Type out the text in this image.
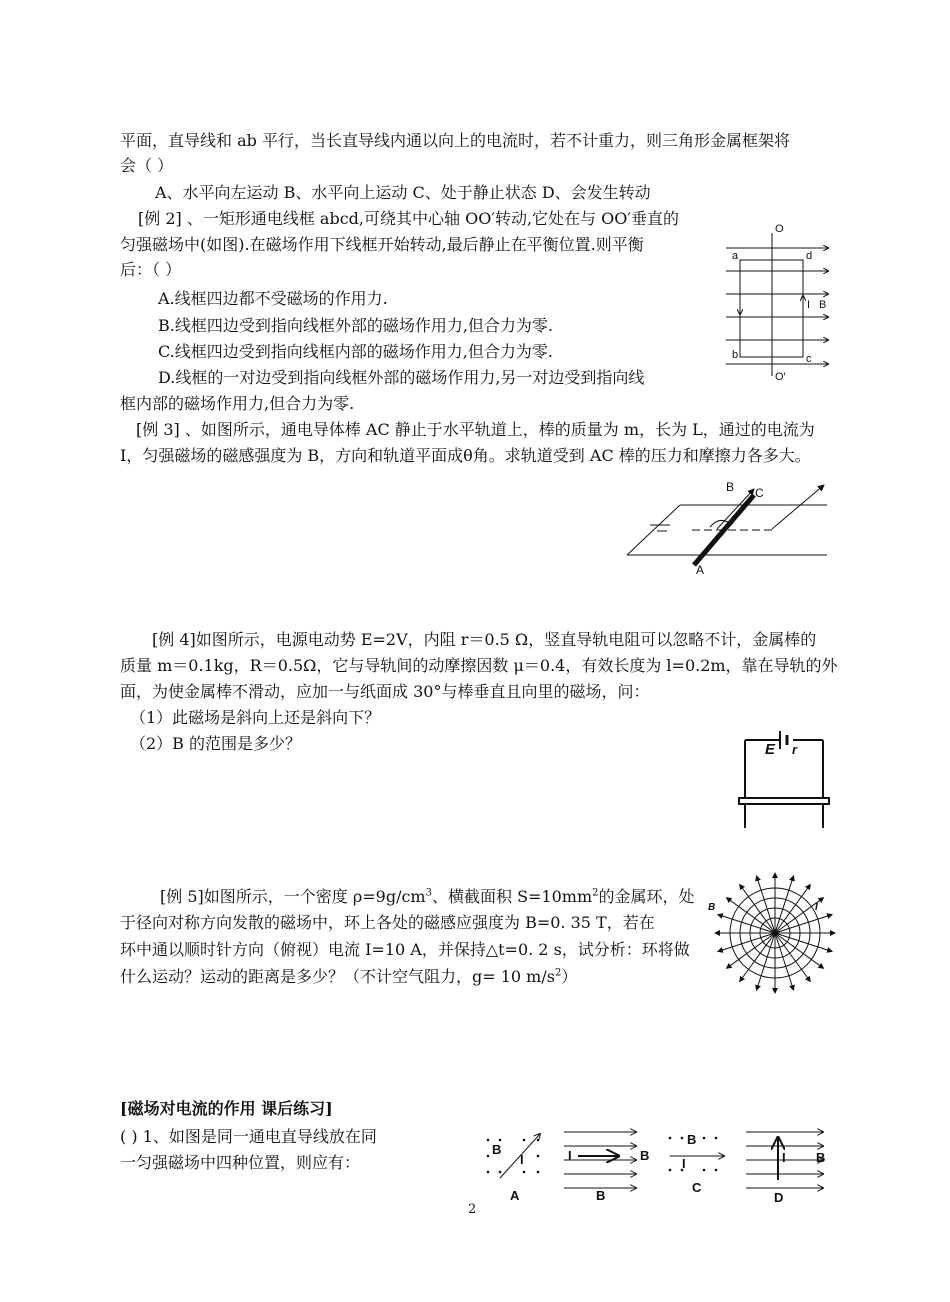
平面，直导线和 ab 平行，当长直导线内通以向上的电流时，若不计重力，则三角形金属框架将
会（ ）
A、水平向左运动 B、水平向上运动 C、处于静止状态 D、会发生转动
[例 2] 、一矩形通电线框 abcd,可绕其中心轴 OO′转动,它处在与 OO′垂直的
匀强磁场中(如图).在磁场作用下线框开始转动,最后静止在平衡位置.则平衡
后：（ ）
A.线框四边都不受磁场的作用力.
B.线框四边受到指向线框外部的磁场作用力,但合力为零.
C.线框四边受到指向线框内部的磁场作用力,但合力为零.
D.线框的一对边受到指向线框外部的磁场作用力,另一对边受到指向线
框内部的磁场作用力,但合力为零.
O
O′
a	d
b	c
I B
[例 3] 、如图所示，通电导体棒 AC 静止于水平轨道上，棒的质量为 m，长为 L，通过的电流为
I，匀强磁场的磁感强度为 B，方向和轨道平面成θ角。求轨道受到 AC 棒的压力和摩擦力各多大。
B C
A
[例 4]如图所示，电源电动势 E=2V，内阻 r＝0.5 Ω，竖直导轨电阻可以忽略不计，金属棒的
质量 m＝0.1kg，R＝0.5Ω，它与导轨间的动摩擦因数 μ＝0.4，有效长度为 l=0.2m，靠在导轨的外
面，为使金属棒不滑动，应加一与纸面成 30°与棒垂直且向里的磁场，问：
（1）此磁场是斜向上还是斜向下？
（2）B 的范围是多少？	E r
[例 5]如图所示，一个密度 $\rho=9g/cm^3$、横截面积 $S=10mm^2$的金属环，处
于径向对称方向发散的磁场中，环上各处的磁感应强度为 B=0. 35 T，若在
环中通以顺时针方向（俯视）电流 I=10 A，并保持△t=0. 2 s，试分析：环将做
什么运动？运动的距离是多少？（不计空气阻力，g= 10 $m/s^2$）
B	I
[磁场对电流的作用 课后练习]
( ) 1、如图是同一通电直导线放在同
一匀强磁场中四种位置，则应有：
B
I
A
I	B
B
B
I
C
I B
D
2
